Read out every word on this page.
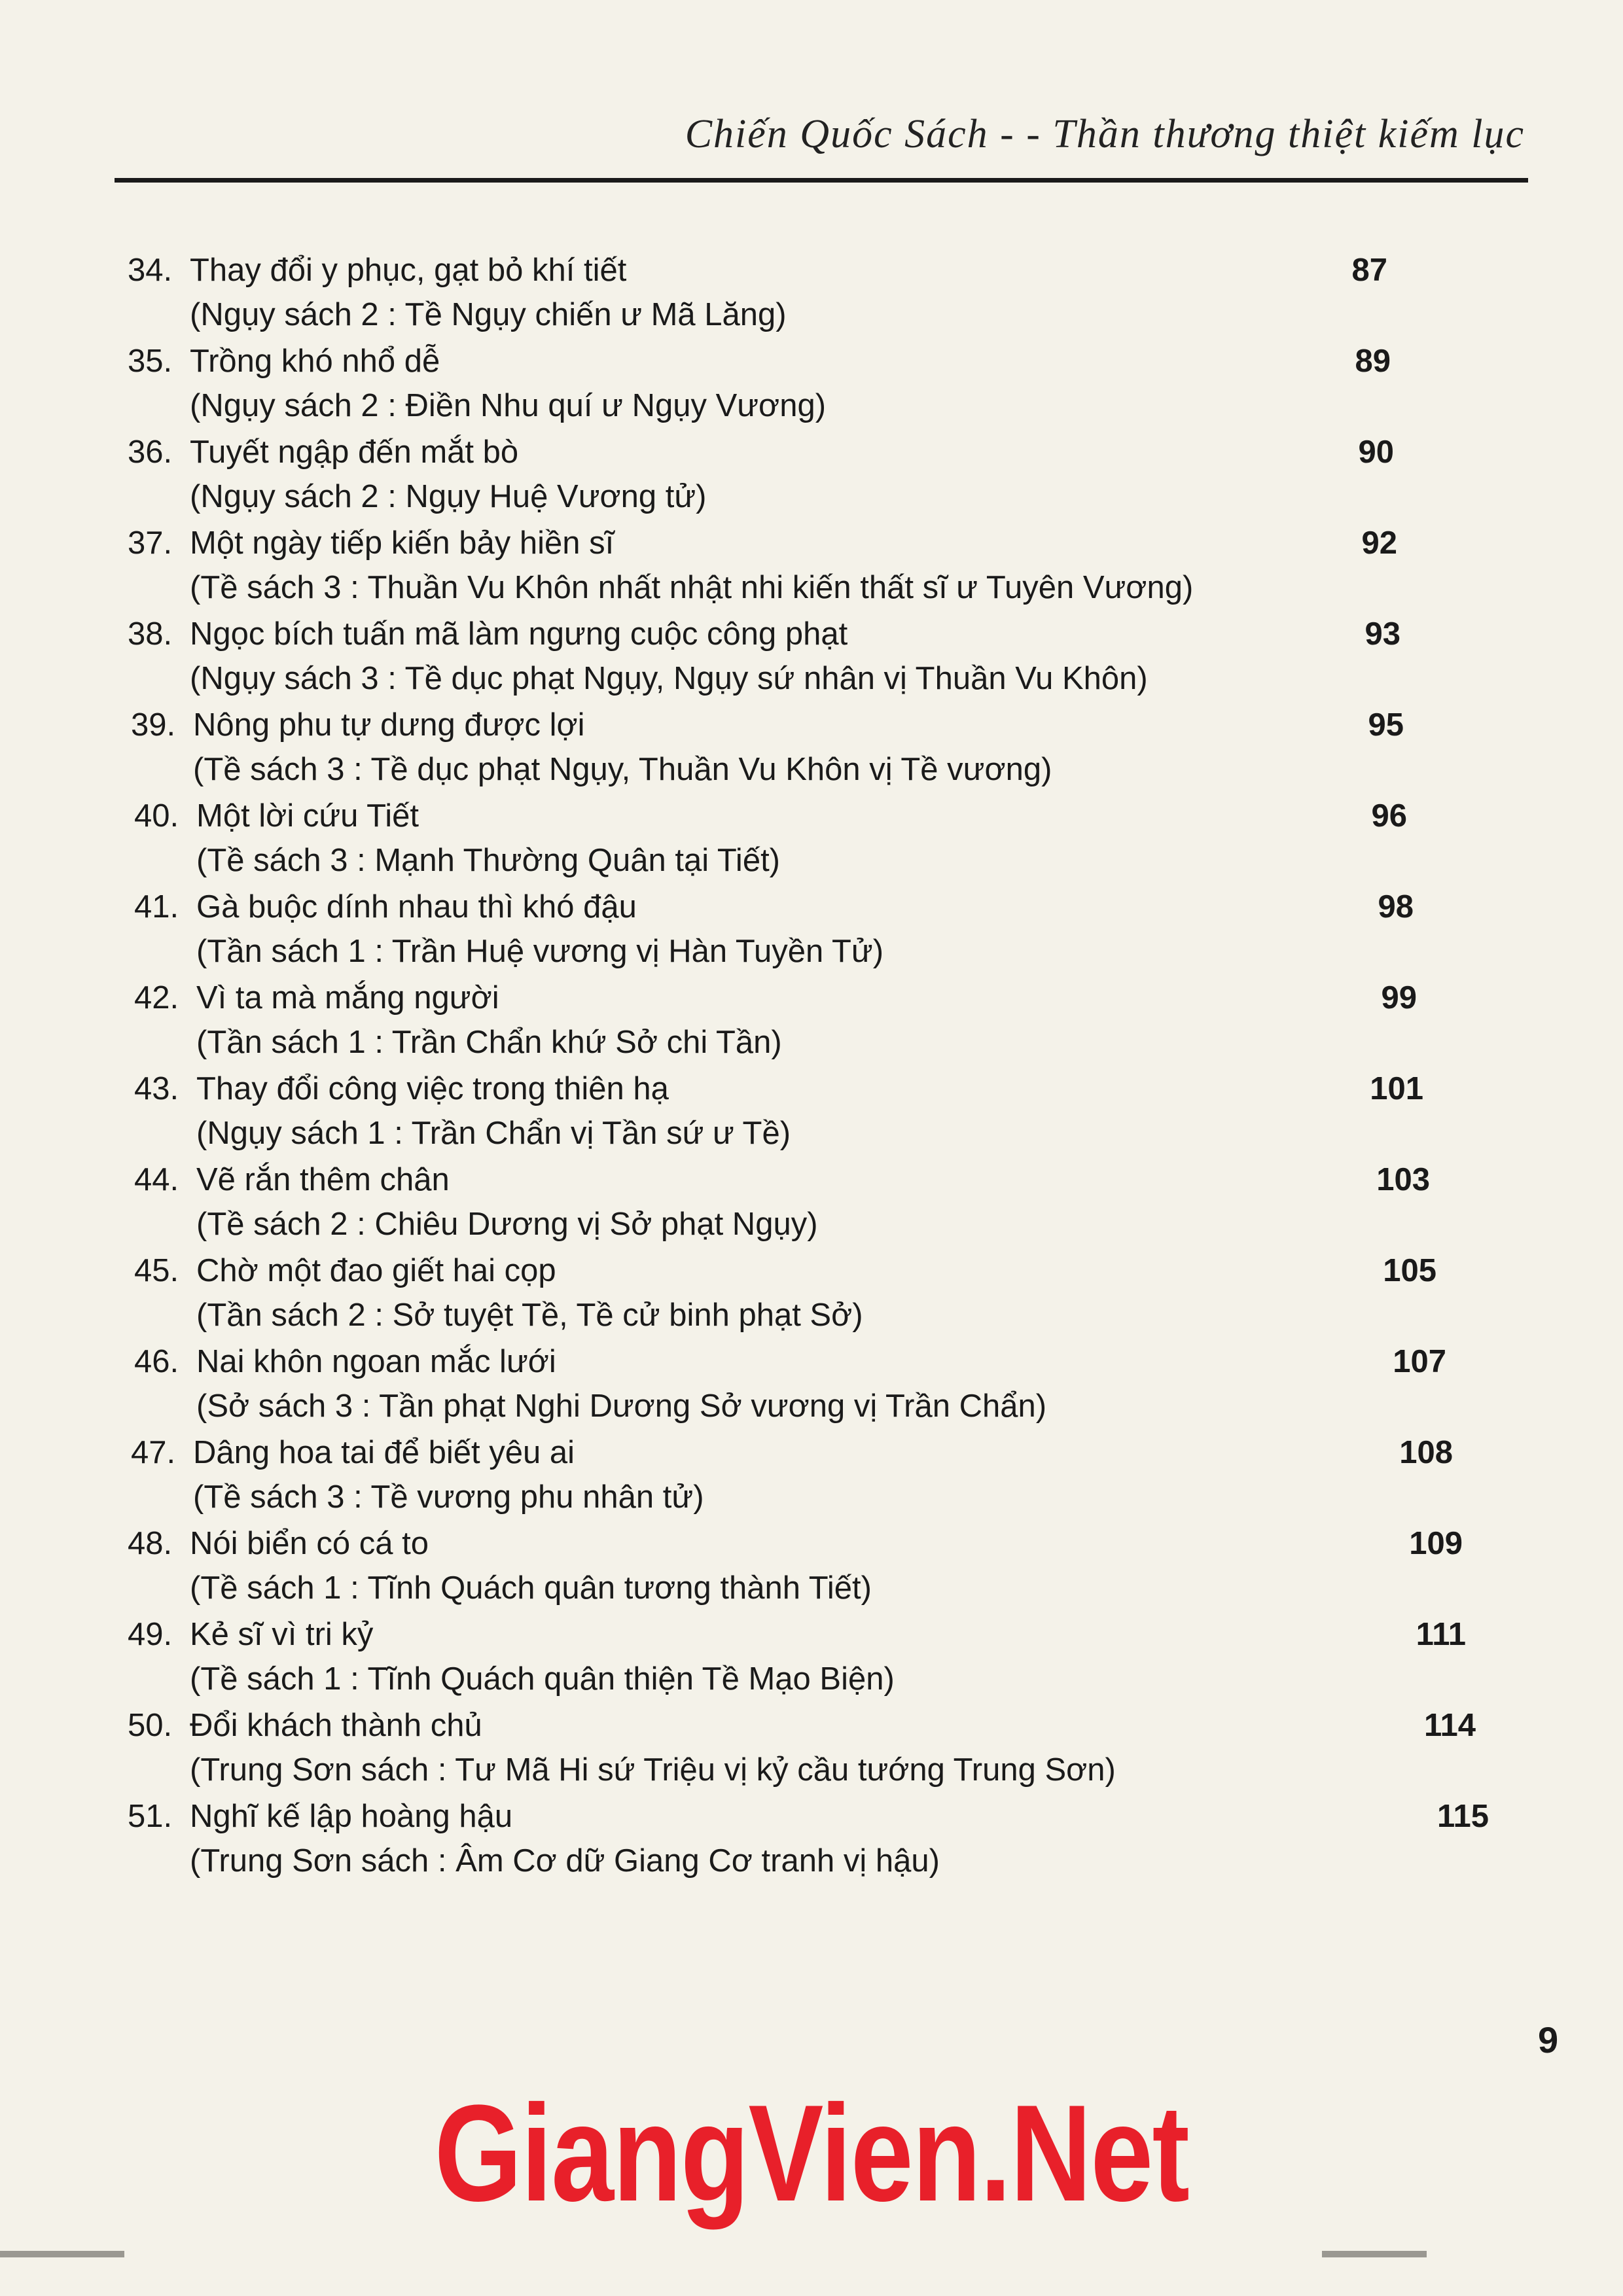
Chiến Quốc Sách - - Thần thương thiệt kiếm lục
34. Thay đổi y phục, gạt bỏ khí tiết
(Ngụy sách 2 : Tề Ngụy chiến ư Mã Lăng)
87
35. Trồng khó nhổ dễ
(Ngụy sách 2 : Điền Nhu quí ư Ngụy Vương)
89
36. Tuyết ngập đến mắt bò
(Ngụy sách 2 : Ngụy Huệ Vương tử)
90
37. Một ngày tiếp kiến bảy hiền sĩ
(Tề sách 3 : Thuần Vu Khôn nhất nhật nhi kiến thất sĩ ư Tuyên Vương)
92
38. Ngọc bích tuấn mã làm ngưng cuộc công phạt
(Ngụy sách 3 : Tề dục phạt Ngụy, Ngụy sứ nhân vị Thuần Vu Khôn)
93
39. Nông phu tự dưng được lợi
(Tề sách 3 : Tề dục phạt Ngụy, Thuần Vu Khôn vị Tề vương)
95
40. Một lời cứu Tiết
(Tề sách 3 : Mạnh Thường Quân tại Tiết)
96
41. Gà buộc dính nhau thì khó đậu
(Tần sách 1 : Trần Huệ vương vị Hàn Tuyền Tử)
98
42. Vì ta mà mắng người
(Tần sách 1 : Trần Chẩn khứ Sở chi Tần)
99
43. Thay đổi công việc trong thiên hạ
(Ngụy sách 1 : Trần Chẩn vị Tần sứ ư Tề)
101
44. Vẽ rắn thêm chân
(Tề sách 2 : Chiêu Dương vị Sở phạt Ngụy)
103
45. Chờ một đao giết hai cọp
(Tần sách 2 : Sở tuyệt Tề, Tề cử binh phạt Sở)
105
46. Nai khôn ngoan mắc lưới
(Sở sách 3 : Tần phạt Nghi Dương Sở vương vị Trần Chẩn)
107
47. Dâng hoa tai để biết yêu ai
(Tề sách 3 : Tề vương phu nhân tử)
108
48. Nói biển có cá to
(Tề sách 1 : Tĩnh Quách quân tương thành Tiết)
109
49. Kẻ sĩ vì tri kỷ
(Tề sách 1 : Tĩnh Quách quân thiện Tề Mạo Biện)
111
50. Đổi khách thành chủ
(Trung Sơn sách : Tư Mã Hi sứ Triệu vị kỷ cầu tướng Trung Sơn)
114
51. Nghĩ kế lập hoàng hậu
(Trung Sơn sách : Âm Cơ dữ Giang Cơ tranh vị hậu)
115
9
GiangVien.Net
